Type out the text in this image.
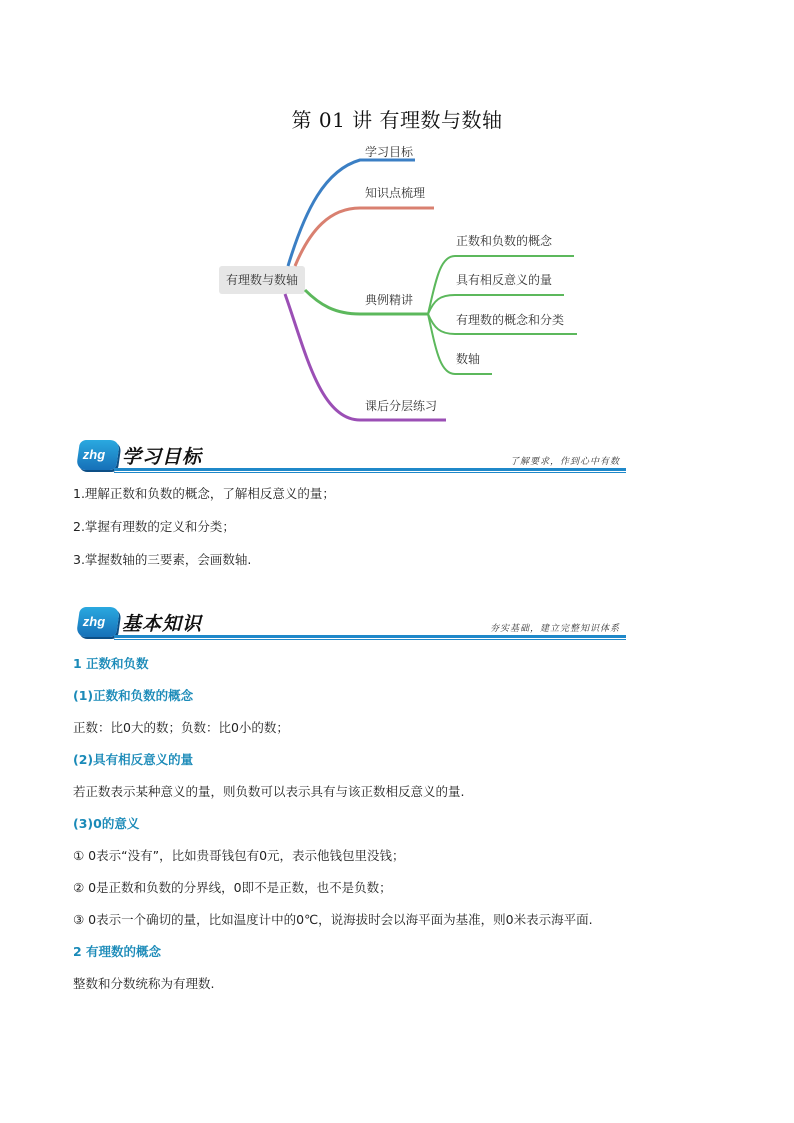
第 01 讲 有理数与数轴
有理数与数轴
学习目标
知识点梳理
典例精讲
正数和负数的概念
具有相反意义的量
有理数的概念和分类
数轴
课后分层练习
zhg 学习目标	了解要求，作到心中有数
1.理解正数和负数的概念，了解相反意义的量；
2.掌握有理数的定义和分类；
3.掌握数轴的三要素，会画数轴.
zhg 基本知识	夯实基础，建立完整知识体系
1 正数和负数
(1)正数和负数的概念
正数：比0大的数；负数：比0小的数；
(2)具有相反意义的量
若正数表示某种意义的量，则负数可以表示具有与该正数相反意义的量.
(3)0的意义
① 0表示“没有”，比如贵哥钱包有0元，表示他钱包里没钱；
② 0是正数和负数的分界线，0即不是正数，也不是负数；
③ 0表示一个确切的量，比如温度计中的0℃，说海拔时会以海平面为基准，则0米表示海平面.
2 有理数的概念
整数和分数统称为有理数.
